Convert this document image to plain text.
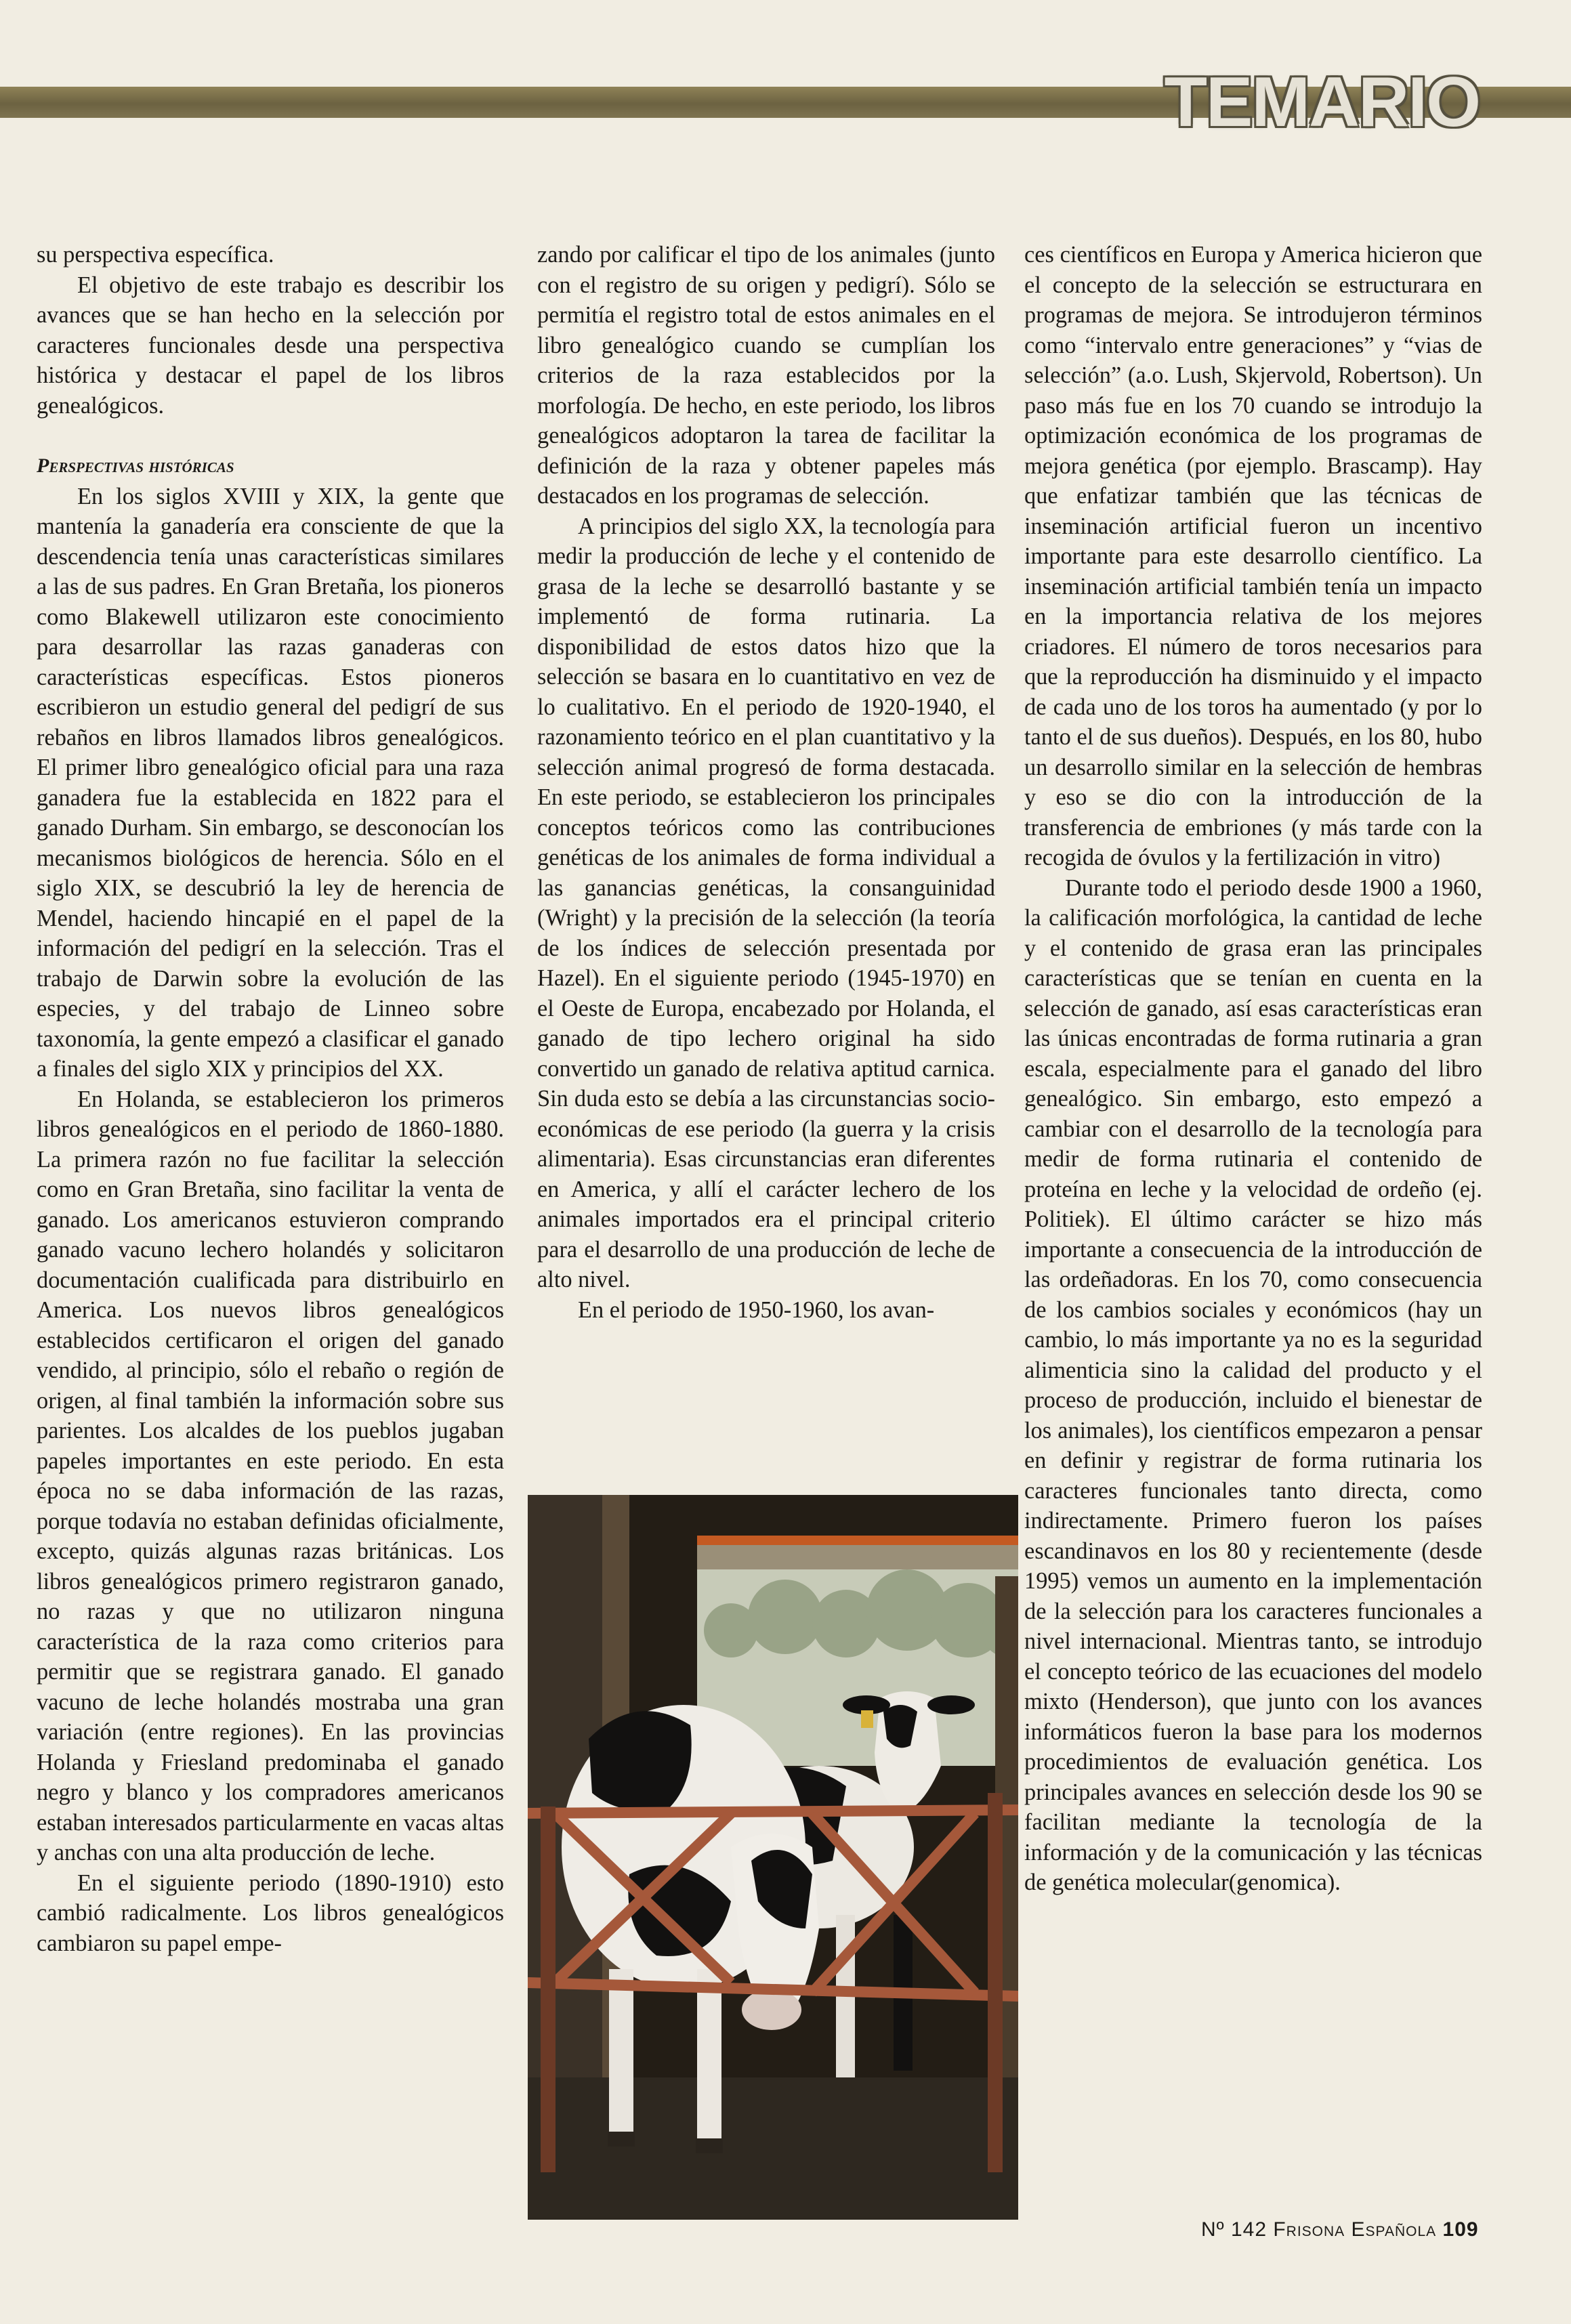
TEMARIO

su perspectiva específica.

El objetivo de este trabajo es describir los avances que se han hecho en la selección por caracteres funcionales desde una perspectiva histórica y destacar el papel de los libros genealógicos.

Perspectivas históricas

En los siglos XVIII y XIX, la gente que mantenía la ganadería era consciente de que la descendencia tenía unas características similares a las de sus padres. En Gran Bretaña, los pioneros como Blakewell utilizaron este conocimiento para desarrollar las razas ganaderas con características específicas. Estos pioneros escribieron un estudio general del pedigrí de sus rebaños en libros llamados libros genealógicos. El primer libro genealógico oficial para una raza ganadera fue la establecida en 1822 para el ganado Durham. Sin embargo, se desconocían los mecanismos biológicos de herencia. Sólo en el siglo XIX, se descubrió la ley de herencia de Mendel, haciendo hincapié en el papel de la información del pedigrí en la selección. Tras el trabajo de Darwin sobre la evolución de las especies, y del trabajo de Linneo sobre taxonomía, la gente empezó a clasificar el ganado a finales del siglo XIX y principios del XX.

En Holanda, se establecieron los primeros libros genealógicos en el periodo de 1860-1880. La primera razón no fue facilitar la selección como en Gran Bretaña, sino facilitar la venta de ganado. Los americanos estuvieron comprando ganado vacuno lechero holandés y solicitaron documentación cualificada para distribuirlo en America. Los nuevos libros genealógicos establecidos certificaron el origen del ganado vendido, al principio, sólo el rebaño o región de origen, al final también la información sobre sus parientes. Los alcaldes de los pueblos jugaban papeles importantes en este periodo. En esta época no se daba información de las razas, porque todavía no estaban definidas oficialmente, excepto, quizás algunas razas británicas. Los libros genealógicos primero registraron ganado, no razas y que no utilizaron ninguna característica de la raza como criterios para permitir que se registrara ganado. El ganado vacuno de leche holandés mostraba una gran variación (entre regiones). En las provincias Holanda y Friesland predominaba el ganado negro y blanco y los compradores americanos estaban interesados particularmente en vacas altas y anchas con una alta producción de leche.

En el siguiente periodo (1890-1910) esto cambió radicalmente. Los libros genealógicos cambiaron su papel empe-

zando por calificar el tipo de los animales (junto con el registro de su origen y pedigrí). Sólo se permitía el registro total de estos animales en el libro genealógico cuando se cumplían los criterios de la raza establecidos por la morfología. De hecho, en este periodo, los libros genealógicos adoptaron la tarea de facilitar la definición de la raza y obtener papeles más destacados en los programas de selección.

A principios del siglo XX, la tecnología para medir la producción de leche y el contenido de grasa de la leche se desarrolló bastante y se implementó de forma rutinaria. La disponibilidad de estos datos hizo que la selección se basara en lo cuantitativo en vez de lo cualitativo. En el periodo de 1920-1940, el razonamiento teórico en el plan cuantitativo y la selección animal progresó de forma destacada. En este periodo, se establecieron los principales conceptos teóricos como las contribuciones genéticas de los animales de forma individual a las ganancias genéticas, la consanguinidad (Wright) y la precisión de la selección (la teoría de los índices de selección presentada por Hazel). En el siguiente periodo (1945-1970) en el Oeste de Europa, encabezado por Holanda, el ganado de tipo lechero original ha sido convertido un ganado de relativa aptitud carnica. Sin duda esto se debía a las circunstancias socio-económicas de ese periodo (la guerra y la crisis alimentaria). Esas circunstancias eran diferentes en America, y allí el carácter lechero de los animales importados era el principal criterio para el desarrollo de una producción de leche de alto nivel.

En el periodo de 1950-1960, los avan-

ces científicos en Europa y America hicieron que el concepto de la selección se estructurara en programas de mejora. Se introdujeron términos como “intervalo entre generaciones” y “vias de selección” (a.o. Lush, Skjervold, Robertson). Un paso más fue en los 70 cuando se introdujo la optimización económica de los programas de mejora genética (por ejemplo. Brascamp). Hay que enfatizar también que las técnicas de inseminación artificial fueron un incentivo importante para este desarrollo científico. La inseminación artificial también tenía un impacto en la importancia relativa de los mejores criadores. El número de toros necesarios para que la reproducción ha disminuido y el impacto de cada uno de los toros ha aumentado (y por lo tanto el de sus dueños). Después, en los 80, hubo un desarrollo similar en la selección de hembras y eso se dio con la introducción de la transferencia de embriones (y más tarde con la recogida de óvulos y la fertilización in vitro)

Durante todo el periodo desde 1900 a 1960, la calificación morfológica, la cantidad de leche y el contenido de grasa eran las principales características que se tenían en cuenta en la selección de ganado, así esas características eran las únicas encontradas de forma rutinaria a gran escala, especialmente para el ganado del libro genealógico. Sin embargo, esto empezó a cambiar con el desarrollo de la tecnología para medir de forma rutinaria el contenido de proteína en leche y la velocidad de ordeño (ej. Politiek). El último carácter se hizo más importante a consecuencia de la introducción de las ordeñadoras. En los 70, como consecuencia de los cambios sociales y económicos (hay un cambio, lo más importante ya no es la seguridad alimenticia sino la calidad del producto y el proceso de producción, incluido el bienestar de los animales), los científicos empezaron a pensar en definir y registrar de forma rutinaria los caracteres funcionales tanto directa, como indirectamente. Primero fueron los países escandinavos en los 80 y recientemente (desde 1995) vemos un aumento en la implementación de la selección para los caracteres funcionales a nivel internacional. Mientras tanto, se introdujo el concepto teórico de las ecuaciones del modelo mixto (Henderson), que junto con los avances informáticos fueron la base para los modernos procedimientos de evaluación genética. Los principales avances en selección desde los 90 se facilitan mediante la tecnología de la información y de la comunicación y las técnicas de genética molecular(genomica).

Nº 142 Frisona Española 109
